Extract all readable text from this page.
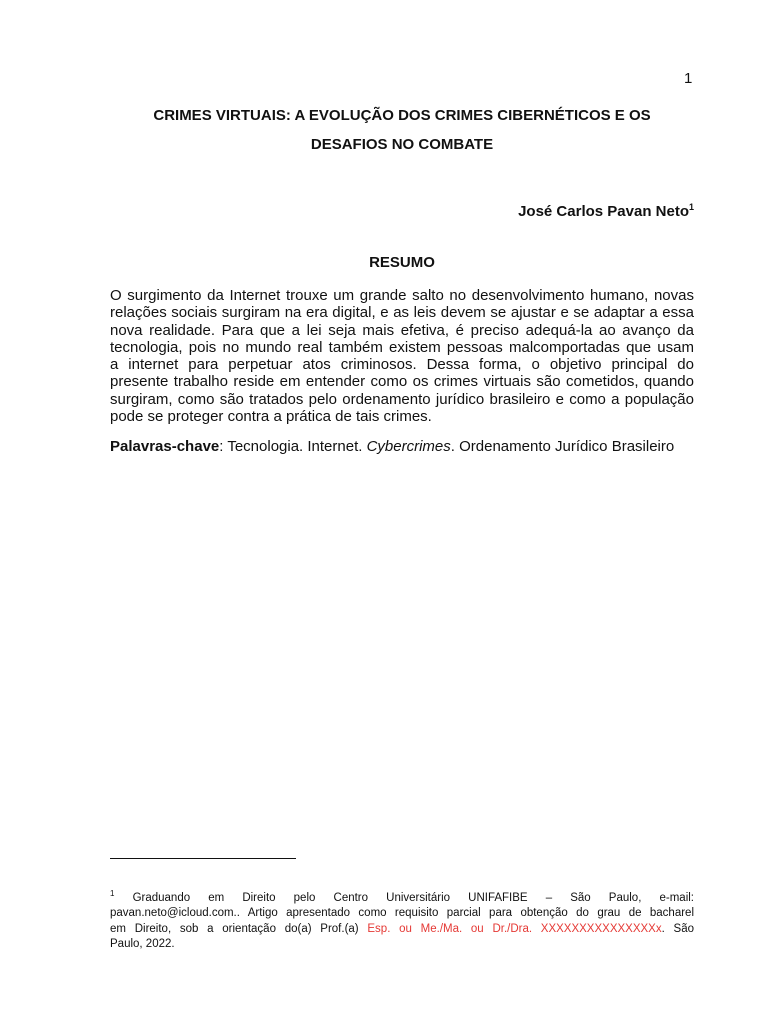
1
CRIMES VIRTUAIS: A EVOLUÇÃO DOS CRIMES CIBERNÉTICOS E OS
DESAFIOS NO COMBATE
José Carlos Pavan Neto$^1$
RESUMO
O surgimento da Internet trouxe um grande salto no desenvolvimento humano, novas
relações sociais surgiram na era digital, e as leis devem se ajustar e se adaptar a essa
nova realidade. Para que a lei seja mais efetiva, é preciso adequá-la ao avanço da
tecnologia, pois no mundo real também existem pessoas malcomportadas que usam
a internet para perpetuar atos criminosos. Dessa forma, o objetivo principal do
presente trabalho reside em entender como os crimes virtuais são cometidos, quando
surgiram, como são tratados pelo ordenamento jurídico brasileiro e como a população
pode se proteger contra a prática de tais crimes.
Palavras-chave: Tecnologia. Internet. Cybercrimes. Ordenamento Jurídico Brasileiro
$^1$ Graduando em Direito pelo Centro Universitário UNIFAFIBE – São Paulo, e-mail:
pavan.neto@icloud.com.. Artigo apresentado como requisito parcial para obtenção do grau de bacharel
em Direito, sob a orientação do(a) Prof.(a) Esp. ou Me./Ma. ou Dr./Dra. XXXXXXXXXXXXXXXx. São
Paulo, 2022.
